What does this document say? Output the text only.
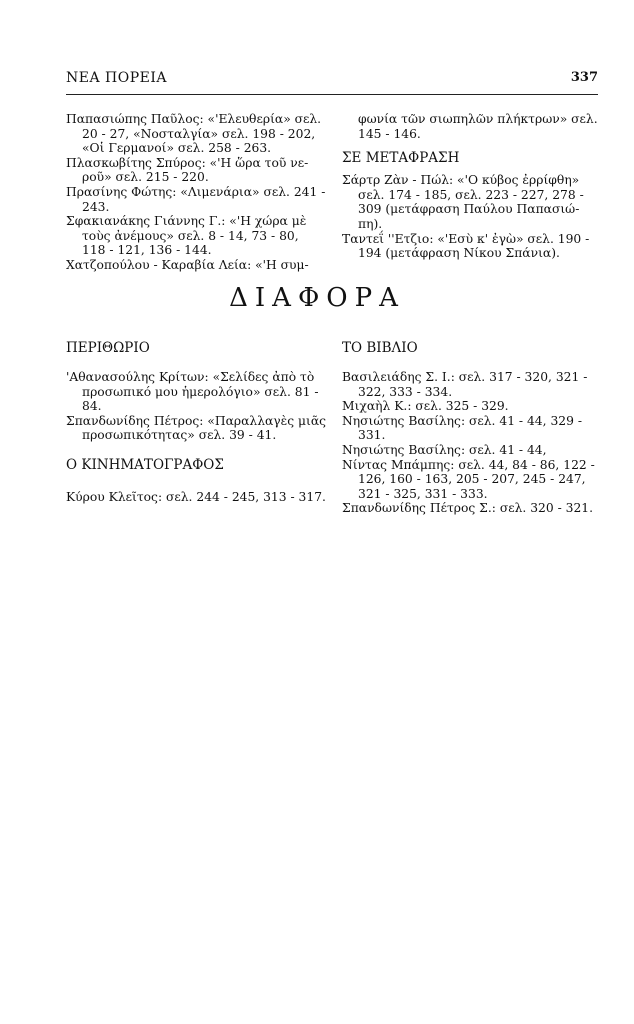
ΝΕΑ ΠΟΡΕΙΑ	337
Παπασιώπης Παῦλος: «'Ελευθερία» σελ.
20 - 27, «Νοσταλγία» σελ. 198 - 202,
«Οἱ Γερμανοί» σελ. 258 - 263.
Πλασκωβίτης Σπύρος: «'Η ὥρα τοῦ νε-
ροῦ» σελ. 215 - 220.
Πρασίνης Φώτης: «Λιμενάρια» σελ. 241 -
243.
Σφακιανάκης Γιάννης Γ.: «'Η χώρα μὲ
τοὺς ἀνέμους» σελ. 8 - 14, 73 - 80,
118 - 121, 136 - 144.
Χατζοπούλου - Καραβία Λεία: «'Η συμ-
φωνία τῶν σιωπηλῶν πλήκτρων» σελ.
145 - 146.
ΣΕ ΜΕΤΑΦΡΑΣΗ
Σάρτρ Ζὰν - Πώλ: «'Ο κύβος ἐρρίφθη»
σελ. 174 - 185, σελ. 223 - 227, 278 -
309 (μετάφραση Παύλου Παπασιώ-
πη).
Ταντεΐ ''Ετζιο: «'Εσὺ κ' ἐγὼ» σελ. 190 -
194 (μετάφραση Νίκου Σπάνια).
ΔΙΑΦΟΡΑ
ΠΕΡΙΘΩΡΙΟ
'Αθανασούλης Κρίτων: «Σελίδες ἀπὸ τὸ
προσωπικό μου ἡμερολόγιο» σελ. 81 -
84.
Σπανδωνίδης Πέτρος: «Παραλλαγὲς μιᾶς
προσωπικότητας» σελ. 39 - 41.
Ο ΚΙΝΗΜΑΤΟΓΡΑΦΟΣ
Κύρου Κλεῖτος: σελ. 244 - 245, 313 - 317.
ΤΟ ΒΙΒΛΙΟ
Βασιλειάδης Σ. Ι.: σελ. 317 - 320, 321 -
322, 333 - 334.
Μιχαὴλ Κ.: σελ. 325 - 329.
Νησιώτης Βασίλης: σελ. 41 - 44, 329 -
331.
Νησιώτης Βασίλης: σελ. 41 - 44,
Νίντας Μπάμπης: σελ. 44, 84 - 86, 122 -
126, 160 - 163, 205 - 207, 245 - 247,
321 - 325, 331 - 333.
Σπανδωνίδης Πέτρος Σ.: σελ. 320 - 321.
